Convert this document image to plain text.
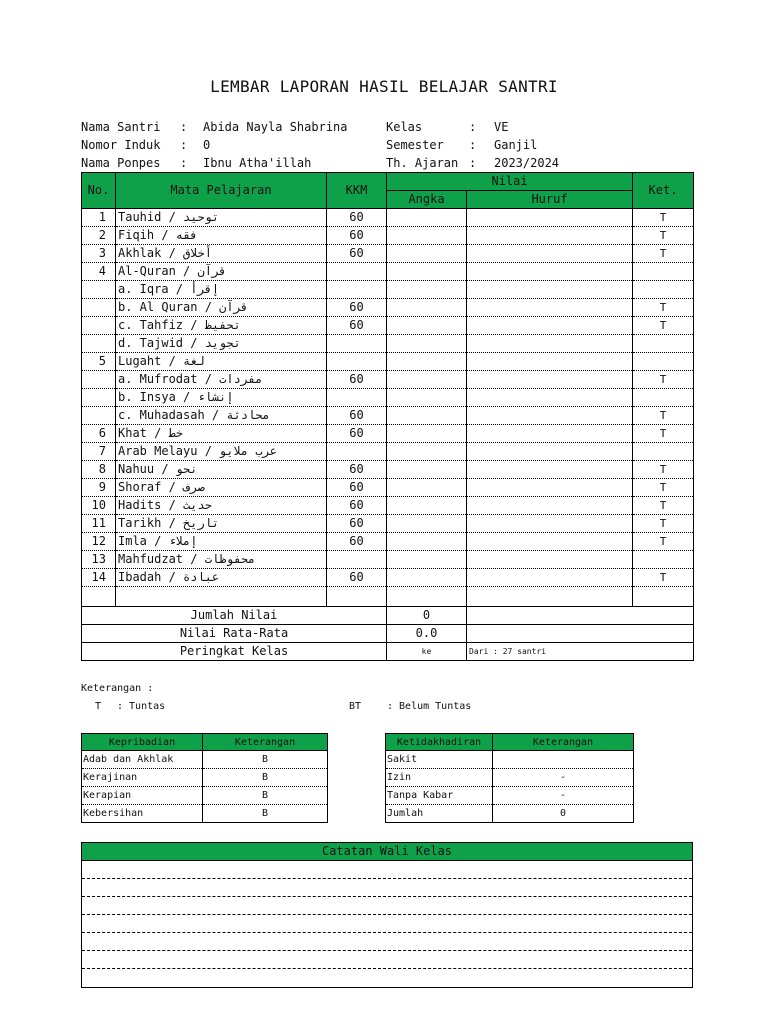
LEMBAR LAPORAN HASIL BELAJAR SANTRI
Nama Santri : Abida Nayla Shabrina
Nomor Induk : 0
Nama Ponpes : Ibnu Atha'illah
Kelas	: VE
Semester : Ganjil
Th. Ajaran : 2023/2024
No.	Mata Pelajaran	KKM	Nilai		Ket.
			Angka	Huruf	
1	Tauhid / توحيد	60			T
2	Fiqih / فقه	60			T
3	Akhlak / أخلاق	60			T
4	Al-Quran / قرآن				
	a. Iqra / إقرأ				
	b. Al Quran / قرآن	60			T
	c. Tahfiz / تحفيظ	60			T
	d. Tajwid / تجويد				
5	Lugaht / لغة				
	a. Mufrodat / مفردات	60			T
	b. Insya / إنشاء				
	c. Muhadasah / محادثة	60			T
6	Khat / خط	60			T
7	Arab Melayu / عرب ملايو				
8	Nahuu / نحو	60			T
9	Shoraf / صرف	60			T
10	Hadits / حديث	60			T
11	Tarikh / تاريخ	60			T
12	Imla / إملاء	60			T
13	Mahfudzat / محفوظات				
14	Ibadah / عبادة	60			T

Jumlah Nilai			0		
Nilai Rata-Rata			0.0		
Peringkat Kelas			ke	Dari : 27 santri	
Keterangan :
T : Tuntas	BT	: Belum Tuntas
Kepribadian	Keterangan
Adab dan Akhlak	B
Kerajinan	B
Kerapian	B
Kebersihan	B
Ketidakhadiran	Keterangan
Sakit	
Izin	-
Tanpa Kabar	-
Jumlah	0
Catatan Wali Kelas
